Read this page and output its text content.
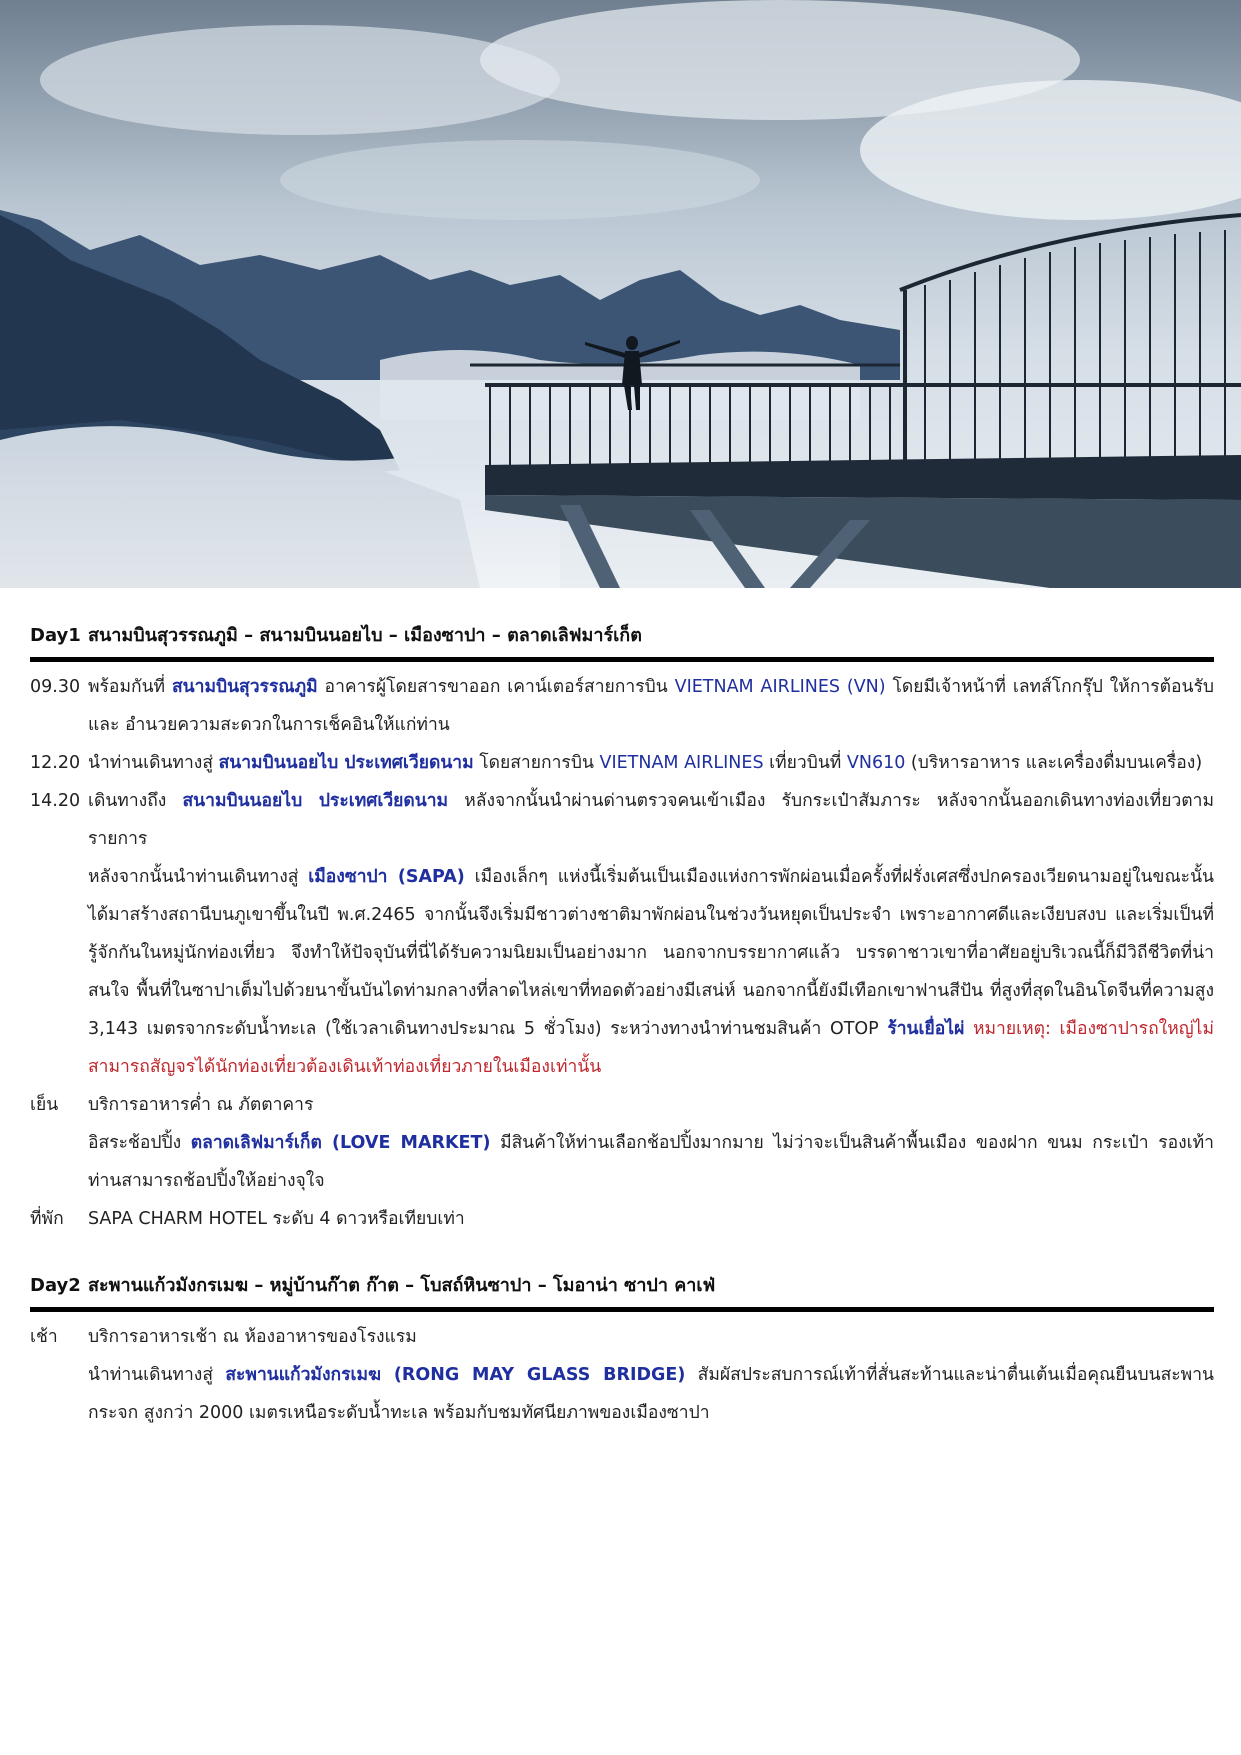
Day1 สนามบินสุวรรณภูมิ – สนามบินนอยไบ – เมืองซาปา – ตลาดเลิฟมาร์เก็ต
09.30 พร้อมกันที่ สนามบินสุวรรณภูมิ อาคารผู้โดยสารขาออก เคาน์เตอร์สายการบิน VIETNAM AIRLINES (VN) โดยมีเจ้าหน้าที่ เลทส์โกกรุ๊ป ให้การต้อนรับ และ อำนวยความสะดวกในการเช็คอินให้แก่ท่าน
12.20 นำท่านเดินทางสู่ สนามบินนอยไบ ประเทศเวียดนาม โดยสายการบิน VIETNAM AIRLINES เที่ยวบินที่ VN610 (บริหารอาหาร และเครื่องดื่มบนเครื่อง)
14.20 เดินทางถึง สนามบินนอยไบ ประเทศเวียดนาม หลังจากนั้นนำผ่านด่านตรวจคนเข้าเมือง รับกระเป๋าสัมภาระ หลังจากนั้นออกเดินทางท่องเที่ยวตามรายการ
หลังจากนั้นนำท่านเดินทางสู่ เมืองซาปา (SAPA) เมืองเล็กๆ แห่งนี้เริ่มต้นเป็นเมืองแห่งการพักผ่อนเมื่อครั้งที่ฝรั่งเศสซึ่งปกครองเวียดนามอยู่ในขณะนั้นได้มาสร้างสถานีบนภูเขาขึ้นในปี พ.ศ.2465 จากนั้นจึงเริ่มมีชาวต่างชาติมาพักผ่อนในช่วงวันหยุดเป็นประจำ เพราะอากาศดีและเงียบสงบ และเริ่มเป็นที่รู้จักกันในหมู่นักท่องเที่ยว จึงทำให้ปัจจุบันที่นี่ได้รับความนิยมเป็นอย่างมาก นอกจากบรรยากาศแล้ว บรรดาชาวเขาที่อาศัยอยู่บริเวณนี้ก็มีวิถีชีวิตที่น่าสนใจ พื้นที่ในซาปาเต็มไปด้วยนาขั้นบันไดท่ามกลางที่ลาดไหล่เขาที่ทอดตัวอย่างมีเสน่ห์ นอกจากนี้ยังมีเทือกเขาฟานสีปัน ที่สูงที่สุดในอินโดจีนที่ความสูง 3,143 เมตรจากระดับน้ำทะเล (ใช้เวลาเดินทางประมาณ 5 ชั่วโมง) ระหว่างทางนำท่านชมสินค้า OTOP ร้านเยื่อไผ่ หมายเหตุ: เมืองซาปารถใหญ่ไม่สามารถสัญจรได้นักท่องเที่ยวต้องเดินเท้าท่องเที่ยวภายในเมืองเท่านั้น
เย็น	บริการอาหารค่ำ ณ ภัตตาคาร
อิสระช้อปปิ้ง ตลาดเลิฟมาร์เก็ต (LOVE MARKET) มีสินค้าให้ท่านเลือกช้อปปิ้งมากมาย ไม่ว่าจะเป็นสินค้าพื้นเมือง ของฝาก ขนม กระเป๋า รองเท้า ท่านสามารถช้อปปิ้งให้อย่างจุใจ
ที่พัก	SAPA CHARM HOTEL ระดับ 4 ดาวหรือเทียบเท่า
Day2 สะพานแก้วมังกรเมฆ – หมู่บ้านก๊าต ก๊าต – โบสถ์หินซาปา – โมอาน่า ซาปา คาเฟ่
เช้า	บริการอาหารเช้า ณ ห้องอาหารของโรงแรม
นำท่านเดินทางสู่ สะพานแก้วมังกรเมฆ (RONG MAY GLASS BRIDGE) สัมผัสประสบการณ์เท้าที่สั่นสะท้านและน่าตื่นเต้นเมื่อคุณยืนบนสะพานกระจก สูงกว่า 2000 เมตรเหนือระดับน้ำทะเล พร้อมกับชมทัศนียภาพของเมืองซาปา
